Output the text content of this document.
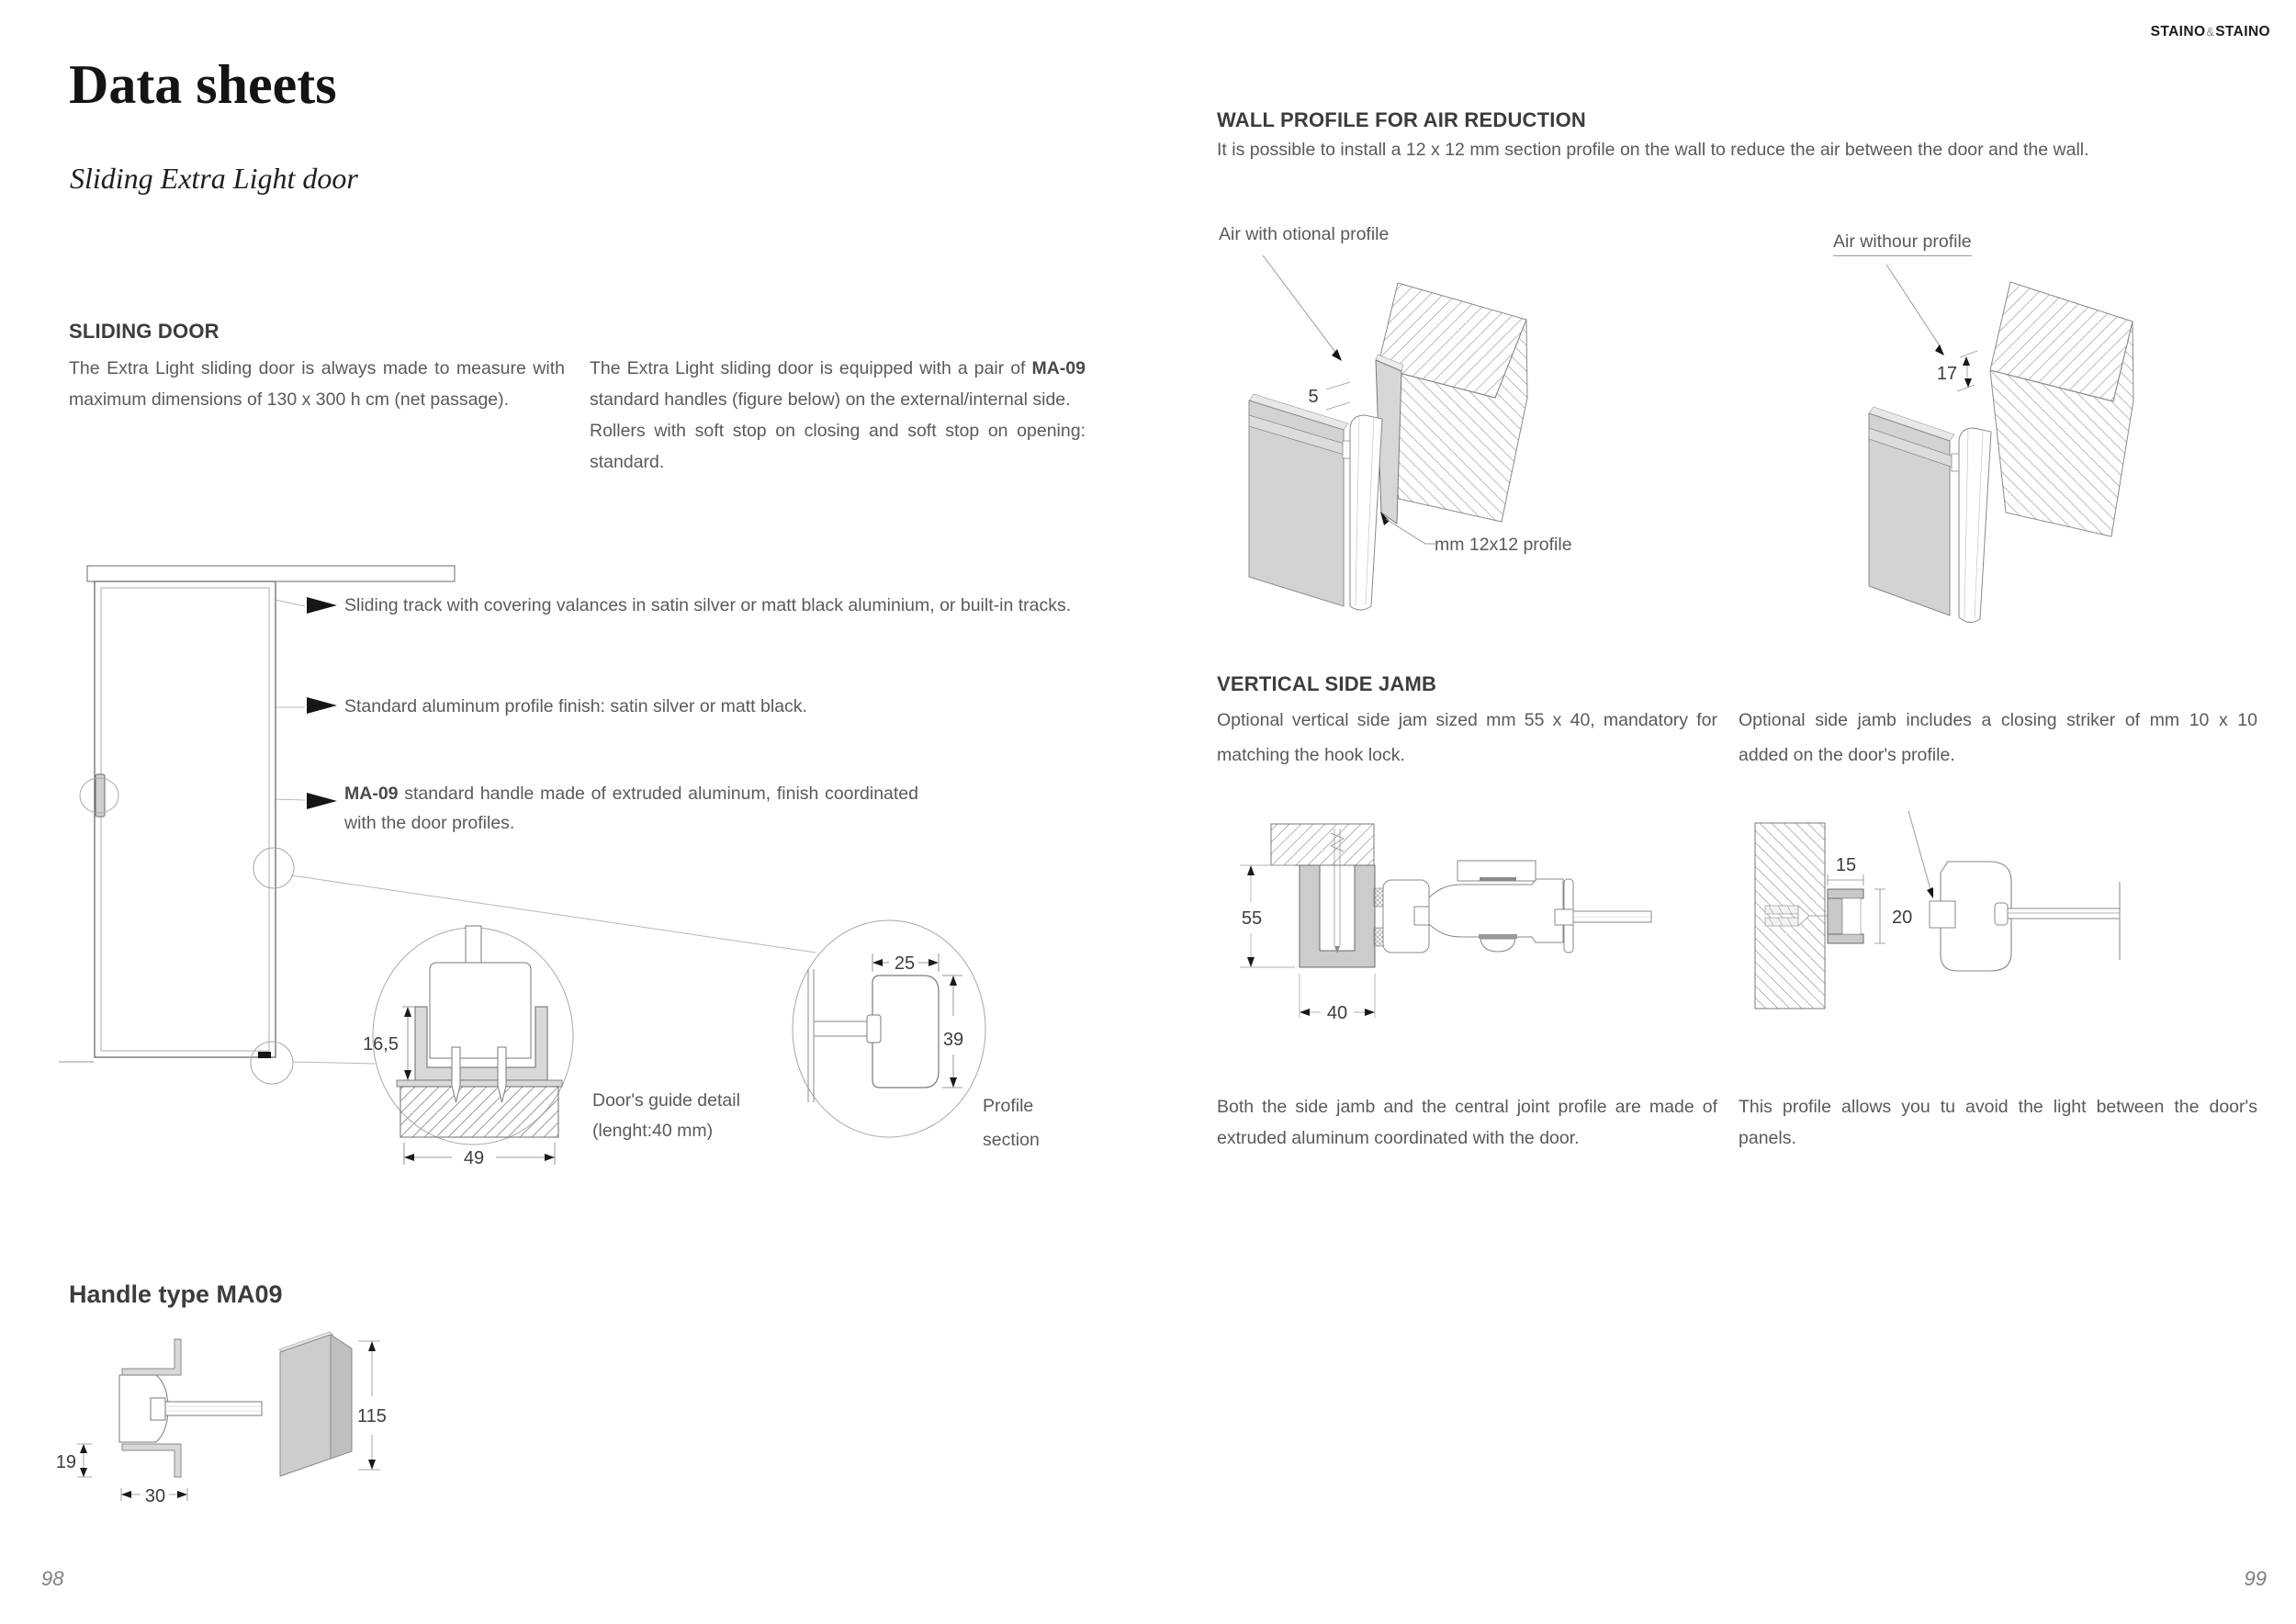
Data sheets
Sliding Extra Light door
SLIDING DOOR
The Extra Light sliding door is always made to measure with maximum dimensions of 130 x 300 h cm (net passage).

The Extra Light sliding door is equipped with a pair of MA-09 standard handles (figure below) on the external/internal side.

Rollers with soft stop on closing and soft stop on opening: standard.

Sliding track with covering valances in satin silver or matt black aluminium, or built-in tracks.
Standard aluminum profile finish: satin silver or matt black.
MA-09 standard handle made of extruded aluminum, finish coordinated with the door profiles.
16,5
49
25
39
Door's guide detail
(lenght:40 mm)
Profile
section
Handle type MA09
19
30
115
98
STAINO&STAINO
WALL PROFILE FOR AIR REDUCTION
It is possible to install a 12 x 12 mm section profile on the wall to reduce the air between the door and the wall.
Air with otional profile	Air withour profile
mm 12x12 profile
5
17
VERTICAL SIDE JAMB
Optional vertical side jam sized mm 55 x 40, mandatory for matching the hook lock.
Optional side jamb includes a closing striker of mm 10 x 10 added on the door's profile.
55
40
15
20
Both the side jamb and the central joint profile are made of extruded aluminum coordinated with the door.
This profile allows you tu avoid the light between the door's panels.
99
